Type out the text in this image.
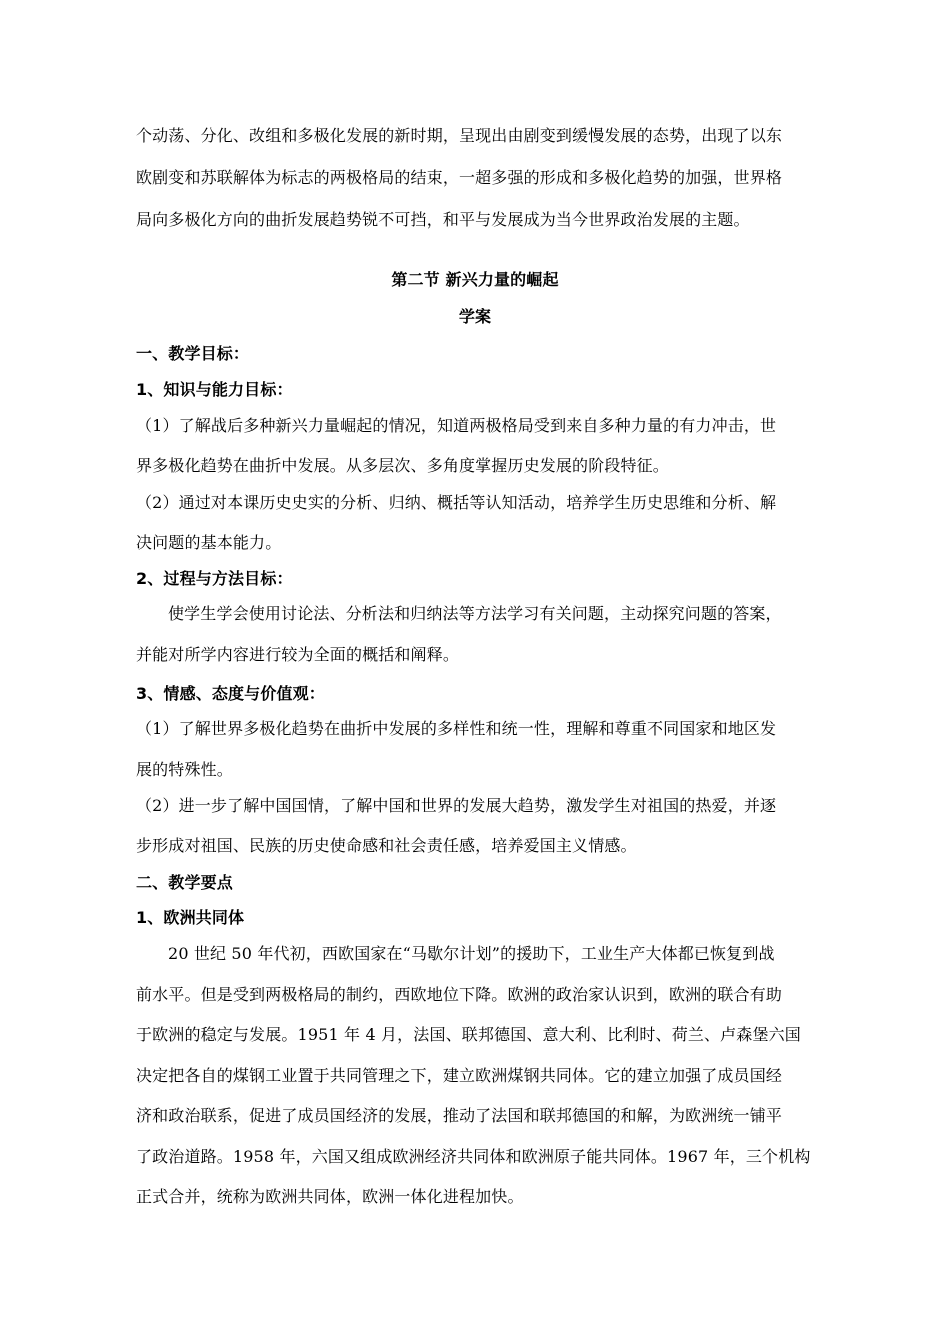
个动荡、分化、改组和多极化发展的新时期，呈现出由剧变到缓慢发展的态势，出现了以东
欧剧变和苏联解体为标志的两极格局的结束，一超多强的形成和多极化趋势的加强，世界格
局向多极化方向的曲折发展趋势锐不可挡，和平与发展成为当今世界政治发展的主题。
第二节 新兴力量的崛起
学案
一、教学目标：
1、知识与能力目标：
（1）了解战后多种新兴力量崛起的情况，知道两极格局受到来自多种力量的有力冲击，世
界多极化趋势在曲折中发展。从多层次、多角度掌握历史发展的阶段特征。
（2）通过对本课历史史实的分析、归纳、概括等认知活动，培养学生历史思维和分析、解
决问题的基本能力。
2、过程与方法目标：
使学生学会使用讨论法、分析法和归纳法等方法学习有关问题，主动探究问题的答案，
并能对所学内容进行较为全面的概括和阐释。
3、情感、态度与价值观：
（1）了解世界多极化趋势在曲折中发展的多样性和统一性，理解和尊重不同国家和地区发
展的特殊性。
（2）进一步了解中国国情，了解中国和世界的发展大趋势，激发学生对祖国的热爱，并逐
步形成对祖国、民族的历史使命感和社会责任感，培养爱国主义情感。
二、教学要点
1、欧洲共同体
20 世纪 50 年代初，西欧国家在“马歇尔计划”的援助下，工业生产大体都已恢复到战
前水平。但是受到两极格局的制约，西欧地位下降。欧洲的政治家认识到，欧洲的联合有助
于欧洲的稳定与发展。1951 年 4 月，法国、联邦德国、意大利、比利时、荷兰、卢森堡六国
决定把各自的煤钢工业置于共同管理之下，建立欧洲煤钢共同体。它的建立加强了成员国经
济和政治联系，促进了成员国经济的发展，推动了法国和联邦德国的和解，为欧洲统一铺平
了政治道路。1958 年，六国又组成欧洲经济共同体和欧洲原子能共同体。1967 年，三个机构
正式合并，统称为欧洲共同体，欧洲一体化进程加快。
